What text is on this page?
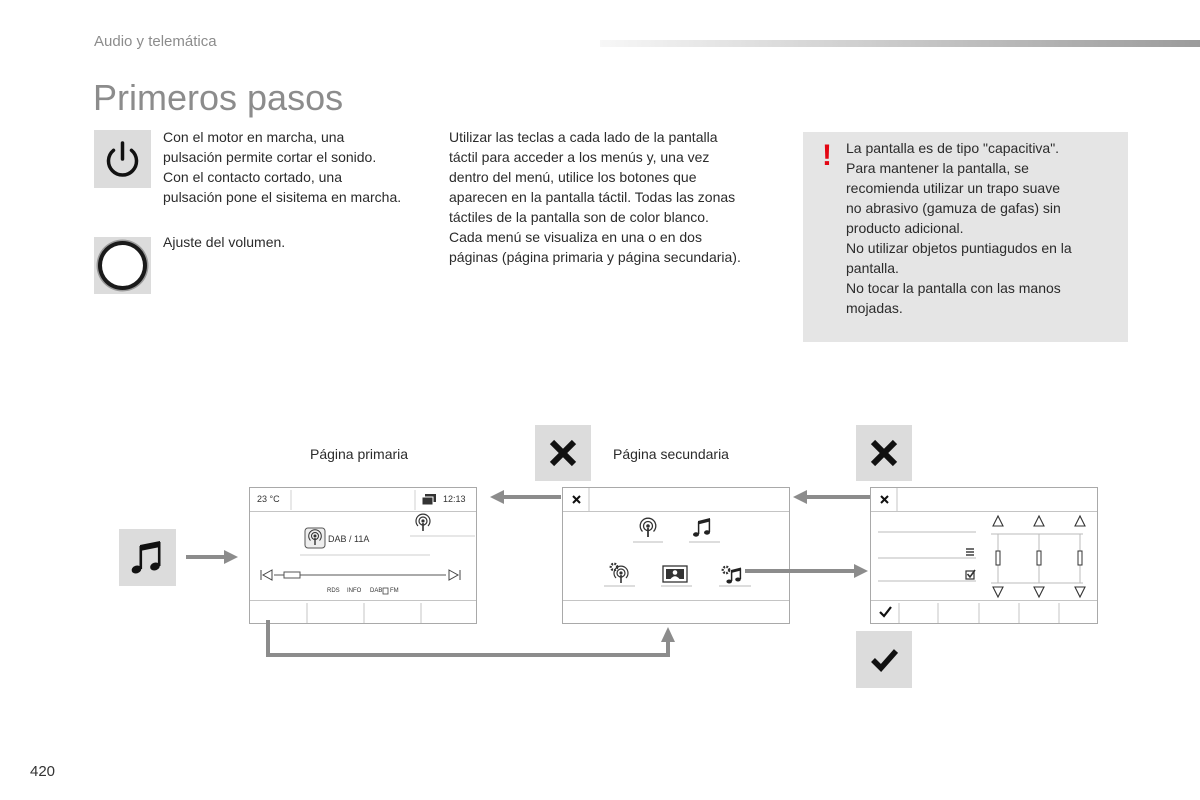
Audio y telemática
Primeros pasos
Con el motor en marcha, una
pulsación permite cortar el sonido.
Con el contacto cortado, una
pulsación pone el sisitema en marcha.
Ajuste del volumen.
Utilizar las teclas a cada lado de la pantalla
táctil para acceder a los menús y, una vez
dentro del menú, utilice los botones que
aparecen en la pantalla táctil. Todas las zonas
táctiles de la pantalla son de color blanco.
Cada menú se visualiza en una o en dos
páginas (página primaria y página secundaria).
! La pantalla es de tipo "capacitiva".
Para mantener la pantalla, se
recomienda utilizar un trapo suave
no abrasivo (gamuza de gafas) sin
producto adicional.
No utilizar objetos puntiagudos en la
pantalla.
No tocar la pantalla con las manos
mojadas.
Página primaria	Página secundaria
23 °C	12:13
DAB / 11A
RDS INFO DAB FM
420
